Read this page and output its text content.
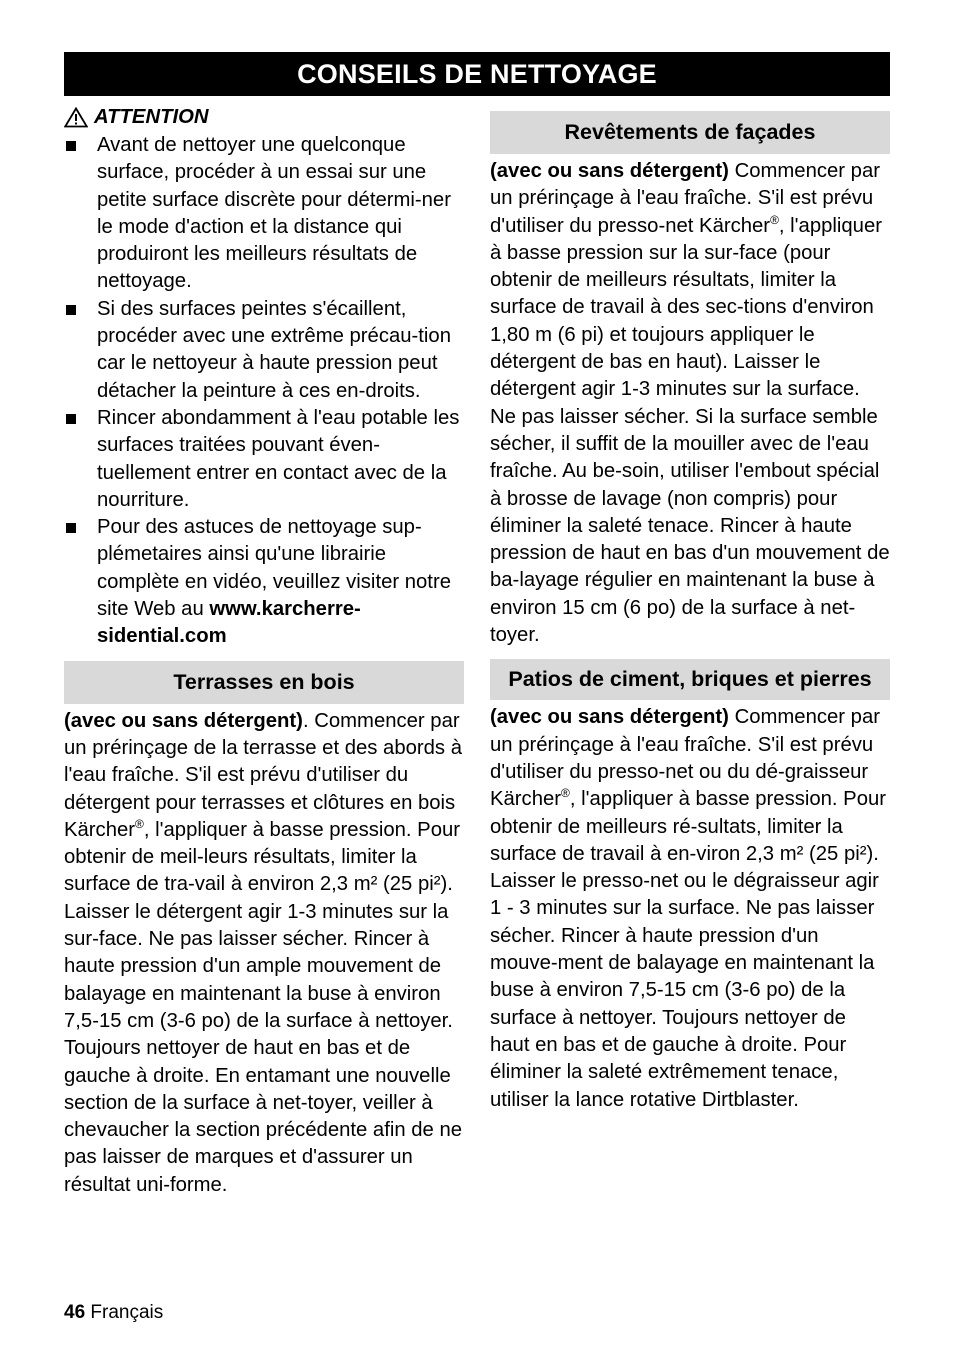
CONSEILS DE NETTOYAGE
ATTENTION
Avant de nettoyer une quelconque surface, procéder à un essai sur une petite surface discrète pour détermi-ner le mode d'action et la distance qui produiront les meilleurs résultats de nettoyage.
Si des surfaces peintes s'écaillent, procéder avec une extrême précau-tion car le nettoyeur à haute pression peut détacher la peinture à ces en-droits.
Rincer abondamment à l'eau potable les surfaces traitées pouvant éven-tuellement entrer en contact avec de la nourriture.
Pour des astuces de nettoyage sup-plémetaires ainsi qu'une librairie complète en vidéo, veuillez visiter notre site Web au www.karcherre-sidential.com
Terrasses en bois

(avec ou sans détergent). Commencer par un prérinçage de la terrasse et des abords à l'eau fraîche. S'il est prévu d'utiliser du détergent pour terrasses et clôtures en bois Kärcher®, l'appliquer à basse pression. Pour obtenir de meil-leurs résultats, limiter la surface de tra-vail à environ 2,3 m² (25 pi²). Laisser le détergent agir 1-3 minutes sur la sur-face. Ne pas laisser sécher. Rincer à haute pression d'un ample mouvement de balayage en maintenant la buse à environ 7,5-15 cm (3-6 po) de la surface à nettoyer. Toujours nettoyer de haut en bas et de gauche à droite. En entamant une nouvelle section de la surface à net-toyer, veiller à chevaucher la section précédente afin de ne pas laisser de marques et d'assurer un résultat uni-forme.

Revêtements de façades

(avec ou sans détergent) Commencer par un prérinçage à l'eau fraîche. S'il est prévu d'utiliser du presso-net Kärcher®, l'appliquer à basse pression sur la sur-face (pour obtenir de meilleurs résultats, limiter la surface de travail à des sec-tions d'environ 1,80 m (6 pi) et toujours appliquer le détergent de bas en haut). Laisser le détergent agir 1-3 minutes sur la surface. Ne pas laisser sécher. Si la surface semble sécher, il suffit de la mouiller avec de l'eau fraîche. Au be-soin, utiliser l'embout spécial à brosse de lavage (non compris) pour éliminer la saleté tenace. Rincer à haute pression de haut en bas d'un mouvement de ba-layage régulier en maintenant la buse à environ 15 cm (6 po) de la surface à net-toyer.

Patios de ciment, briques et pierres

(avec ou sans détergent) Commencer par un prérinçage à l'eau fraîche. S'il est prévu d'utiliser du presso-net ou du dé-graisseur Kärcher®, l'appliquer à basse pression. Pour obtenir de meilleurs ré-sultats, limiter la surface de travail à en-viron 2,3 m² (25 pi²). Laisser le presso-net ou le dégraisseur agir 1 - 3 minutes sur la surface. Ne pas laisser sécher. Rincer à haute pression d'un mouve-ment de balayage en maintenant la buse à environ 7,5-15 cm (3-6 po) de la surface à nettoyer. Toujours nettoyer de haut en bas et de gauche à droite. Pour éliminer la saleté extrêmement tenace, utiliser la lance rotative Dirtblaster.

46 Français
